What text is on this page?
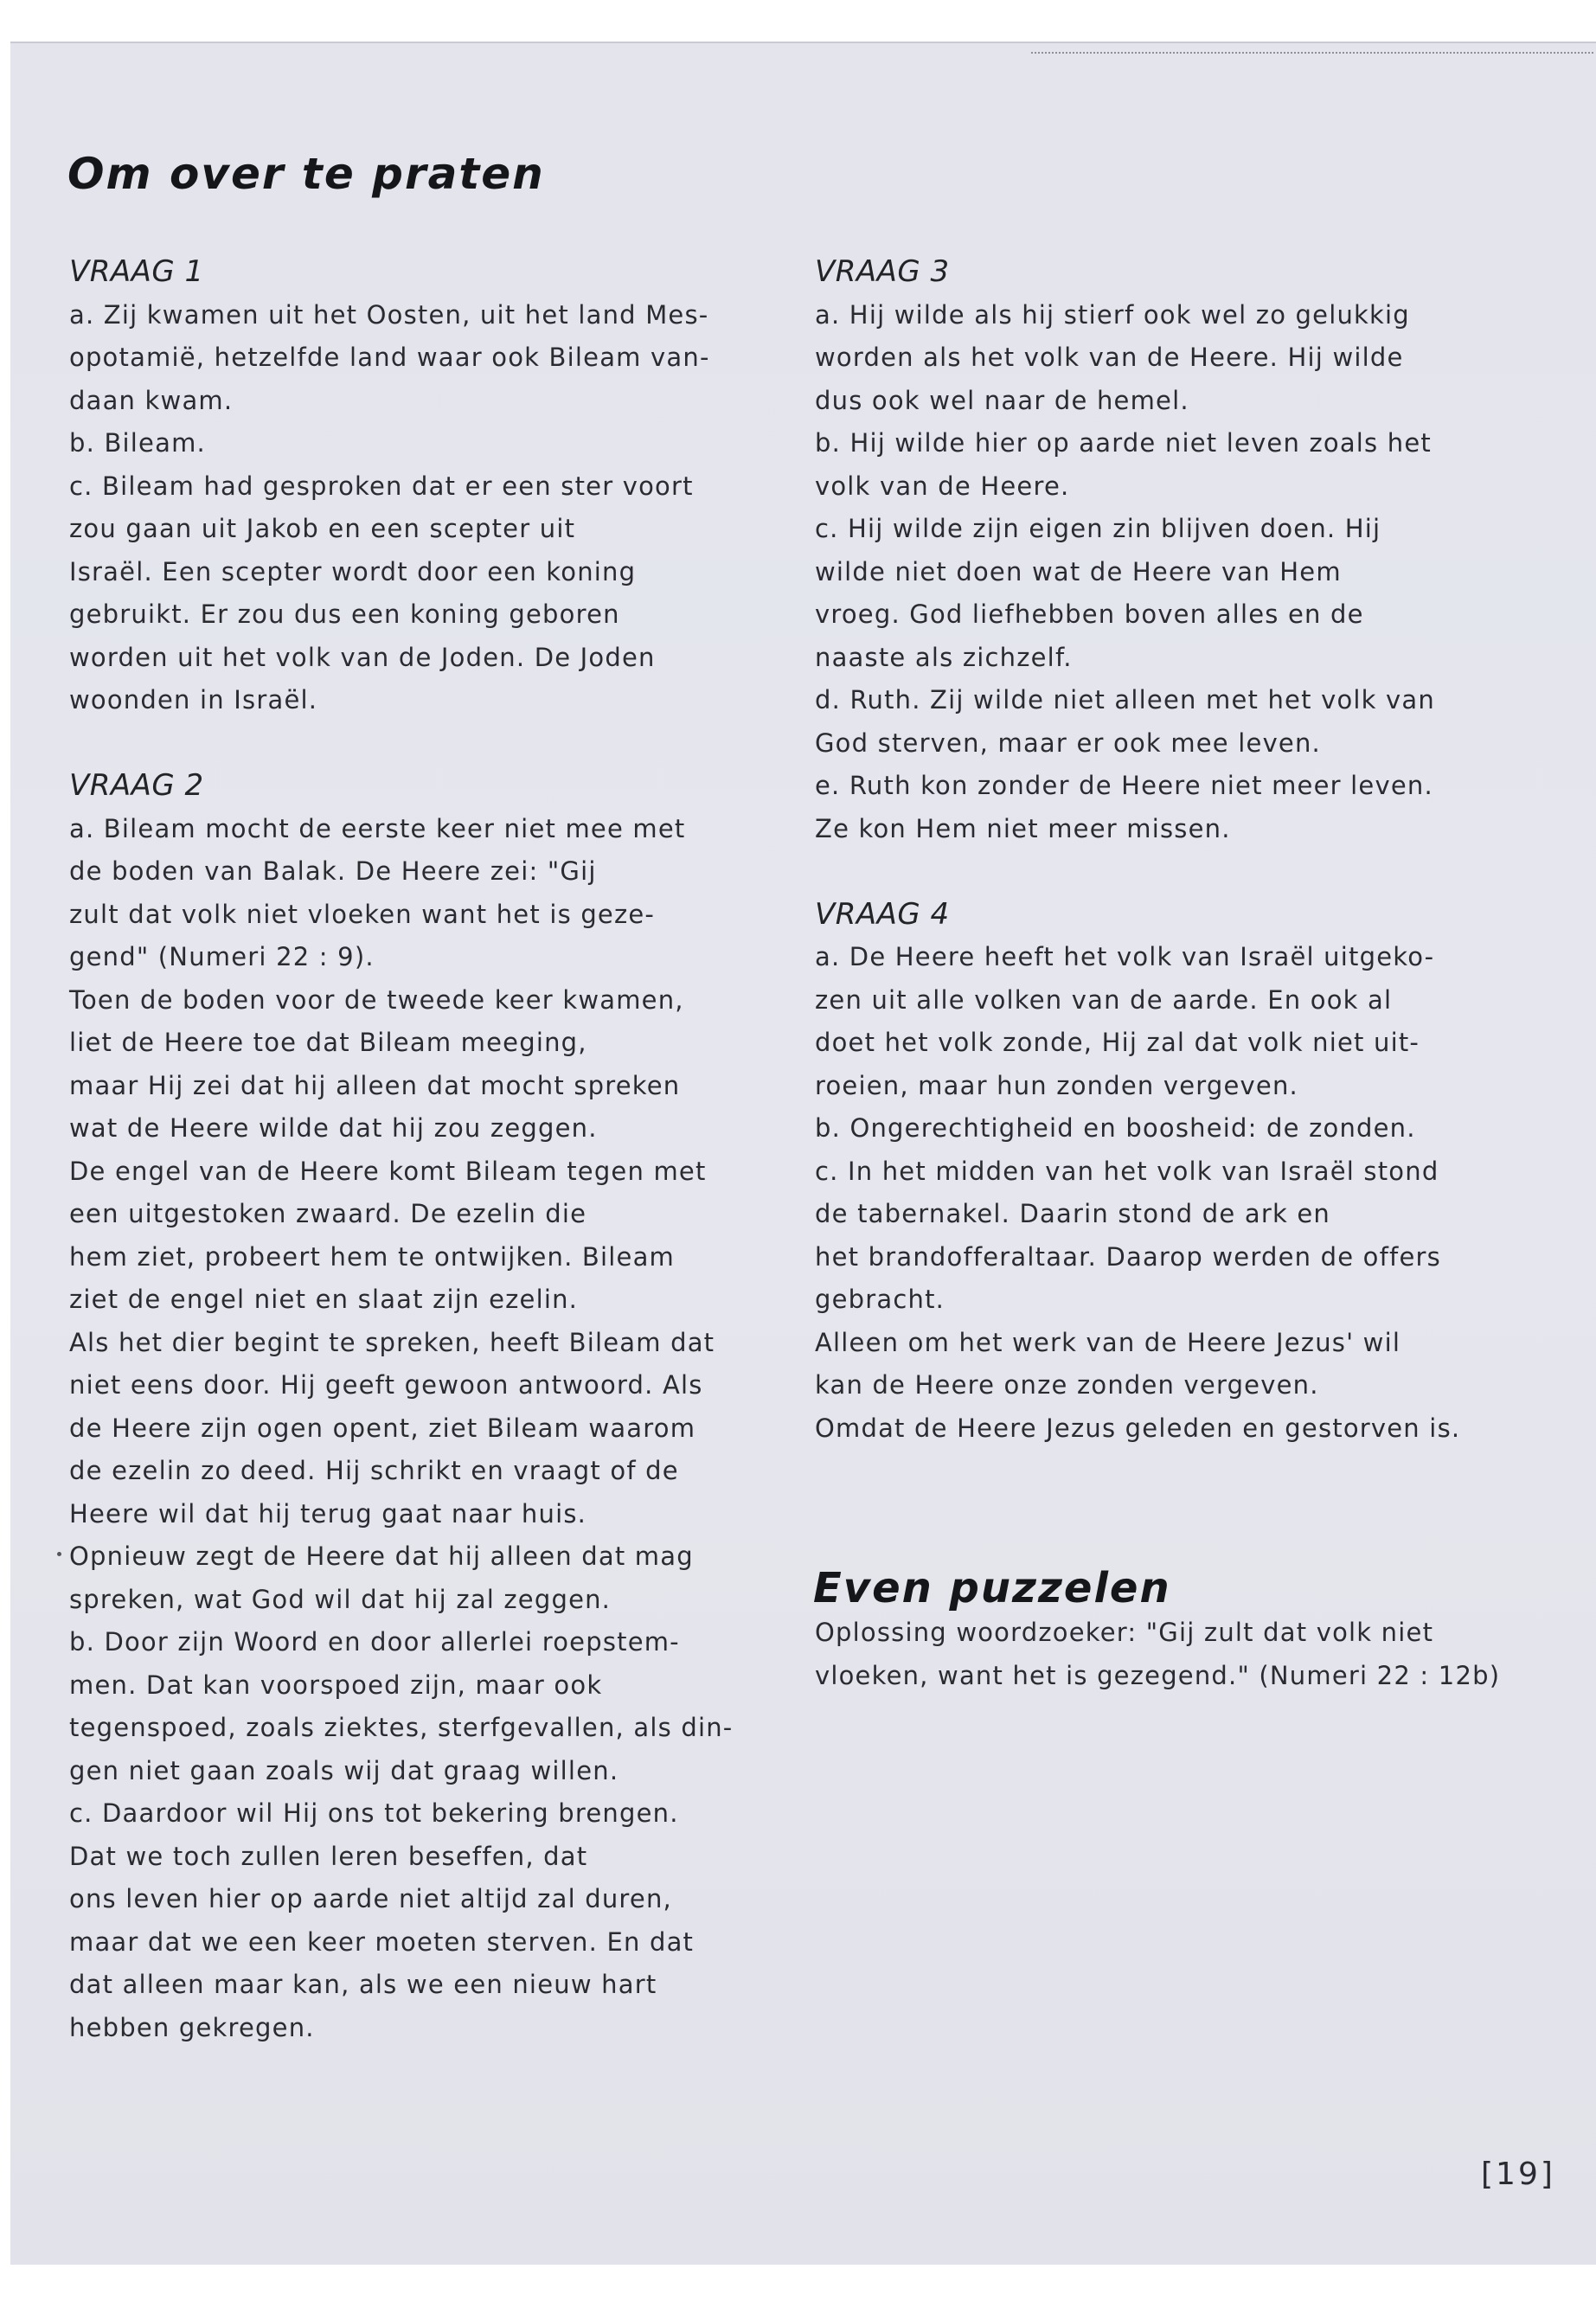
Om over te praten

VRAAG 1

a. Zij kwamen uit het Oosten, uit het land Mes-

opotamië, hetzelfde land waar ook Bileam van-

daan kwam.

b. Bileam.

c. Bileam had gesproken dat er een ster voort

zou gaan uit Jakob en een scepter uit

Israël. Een scepter wordt door een koning

gebruikt. Er zou dus een koning geboren

worden uit het volk van de Joden. De Joden

woonden in Israël.

VRAAG 2

a. Bileam mocht de eerste keer niet mee met

de boden van Balak. De Heere zei: "Gij

zult dat volk niet vloeken want het is geze-

gend" (Numeri 22 : 9).

Toen de boden voor de tweede keer kwamen,

liet de Heere toe dat Bileam meeging,

maar Hij zei dat hij alleen dat mocht spreken

wat de Heere wilde dat hij zou zeggen.

De engel van de Heere komt Bileam tegen met

een uitgestoken zwaard. De ezelin die

hem ziet, probeert hem te ontwijken. Bileam

ziet de engel niet en slaat zijn ezelin.

Als het dier begint te spreken, heeft Bileam dat

niet eens door. Hij geeft gewoon antwoord. Als

de Heere zijn ogen opent, ziet Bileam waarom

de ezelin zo deed. Hij schrikt en vraagt of de

Heere wil dat hij terug gaat naar huis.

Opnieuw zegt de Heere dat hij alleen dat mag

spreken, wat God wil dat hij zal zeggen.

b. Door zijn Woord en door allerlei roepstem-

men. Dat kan voorspoed zijn, maar ook

tegenspoed, zoals ziektes, sterfgevallen, als din-

gen niet gaan zoals wij dat graag willen.

c. Daardoor wil Hij ons tot bekering brengen.

Dat we toch zullen leren beseffen, dat

ons leven hier op aarde niet altijd zal duren,

maar dat we een keer moeten sterven. En dat

dat alleen maar kan, als we een nieuw hart

hebben gekregen.

VRAAG 3

a. Hij wilde als hij stierf ook wel zo gelukkig

worden als het volk van de Heere. Hij wilde

dus ook wel naar de hemel.

b. Hij wilde hier op aarde niet leven zoals het

volk van de Heere.

c. Hij wilde zijn eigen zin blijven doen. Hij

wilde niet doen wat de Heere van Hem

vroeg. God liefhebben boven alles en de

naaste als zichzelf.

d. Ruth. Zij wilde niet alleen met het volk van

God sterven, maar er ook mee leven.

e. Ruth kon zonder de Heere niet meer leven.

Ze kon Hem niet meer missen.

VRAAG 4

a. De Heere heeft het volk van Israël uitgeko-

zen uit alle volken van de aarde. En ook al

doet het volk zonde, Hij zal dat volk niet uit-

roeien, maar hun zonden vergeven.

b. Ongerechtigheid en boosheid: de zonden.

c. In het midden van het volk van Israël stond

de tabernakel. Daarin stond de ark en

het brandofferaltaar. Daarop werden de offers

gebracht.

Alleen om het werk van de Heere Jezus' wil

kan de Heere onze zonden vergeven.

Omdat de Heere Jezus geleden en gestorven is.

Even puzzelen

Oplossing woordzoeker: "Gij zult dat volk niet

vloeken, want het is gezegend." (Numeri 22 : 12b)

[19]
